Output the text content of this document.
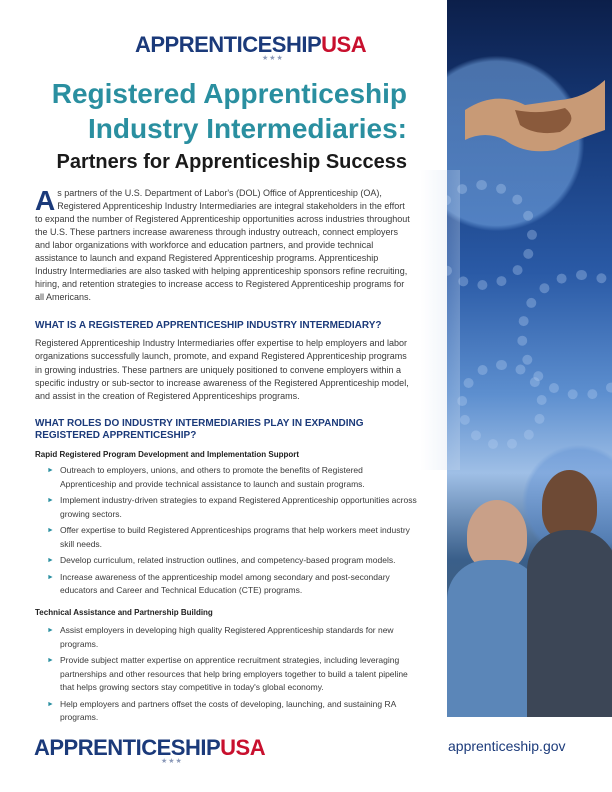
APPRENTICESHIPUSA
★★★
Registered Apprenticeship
Industry Intermediaries:
Partners for Apprenticeship Success
As partners of the U.S. Department of Labor's (DOL) Office of Apprenticeship (OA), Registered Apprenticeship Industry Intermediaries are integral stakeholders in the effort to expand the number of Registered Apprenticeship opportunities across industries throughout the U.S. These partners increase awareness through industry outreach, connect employers and labor organizations with workforce and education partners, and provide technical assistance to launch and expand Registered Apprenticeship programs. Apprenticeship Industry Intermediaries are also tasked with helping apprenticeship sponsors refine recruiting, hiring, and retention strategies to increase access to Registered Apprenticeship programs for all Americans.
WHAT IS A REGISTERED APPRENTICESHIP INDUSTRY INTERMEDIARY?
Registered Apprenticeship Industry Intermediaries offer expertise to help employers and labor organizations successfully launch, promote, and expand Registered Apprenticeship programs in growing industries. These partners are uniquely positioned to convene employers within a specific industry or sub-sector to increase awareness of the Registered Apprenticeship model, and assist in the creation of Registered Apprenticeships programs.
WHAT ROLES DO INDUSTRY INTERMEDIARIES PLAY IN EXPANDING
REGISTERED APPRENTICESHIP?
Rapid Registered Program Development and Implementation Support
► Outreach to employers, unions, and others to promote the benefits of Registered Apprenticeship and provide technical assistance to launch and sustain programs.
► Implement industry-driven strategies to expand Registered Apprenticeship opportunities across growing sectors.
► Offer expertise to build Registered Apprenticeships programs that help workers meet industry skill needs.
► Develop curriculum, related instruction outlines, and competency-based program models.
► Increase awareness of the apprenticeship model among secondary and post-secondary educators and Career and Technical Education (CTE) programs.
Technical Assistance and Partnership Building
► Assist employers in developing high quality Registered Apprenticeship standards for new programs.
► Provide subject matter expertise on apprentice recruitment strategies, including leveraging partnerships and other resources that help bring employers together to build a talent pipeline that helps growing sectors stay competitive in today's global economy.
► Help employers and partners offset the costs of developing, launching, and sustaining RA programs.
APPRENTICESHIPUSA
★★★
apprenticeship.gov
